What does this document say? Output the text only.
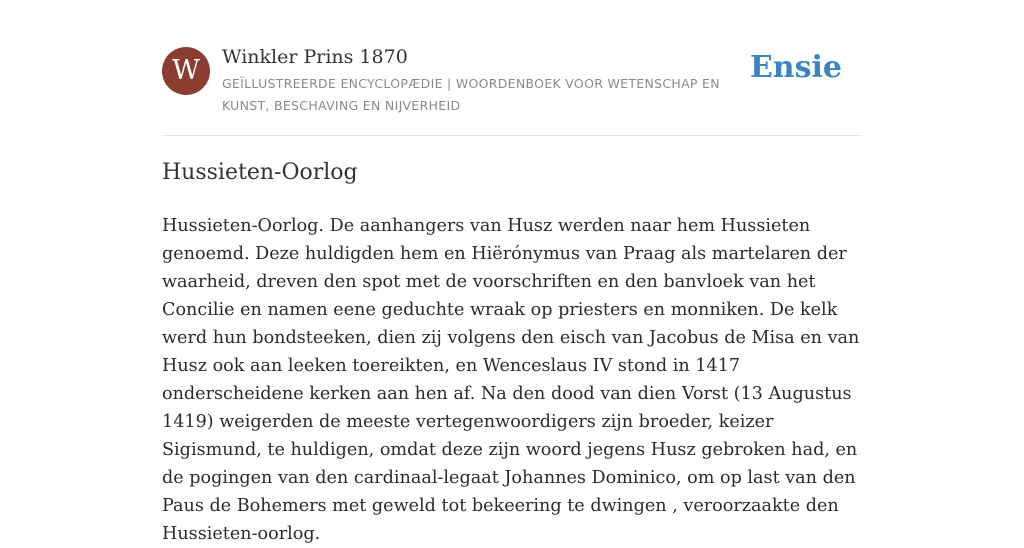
W	Winkler Prins 1870
GEÏLLUSTREERDE ENCYCLOPÆDIE | WOORDENBOEK VOOR WETENSCHAP EN KUNST, BESCHAVING EN NIJVERHEID
Ensie
Hussieten-Oorlog

Hussieten-Oorlog. De aanhangers van Husz werden naar hem Hussieten genoemd. Deze huldigden hem en Hiërónymus van Praag als martelaren der waarheid, dreven den spot met de voorschriften en den banvloek van het Concilie en namen eene geduchte wraak op priesters en monniken. De kelk werd hun bondsteeken, dien zij volgens den eisch van Jacobus de Misa en van Husz ook aan leeken toereikten, en Wenceslaus IV stond in 1417 onderscheidene kerken aan hen af. Na den dood van dien Vorst (13 Augustus 1419) weigerden de meeste vertegenwoordigers zijn broeder, keizer Sigismund, te huldigen, omdat deze zijn woord jegens Husz gebroken had, en de pogingen van den cardinaal-legaat Johannes Dominico, om op last van den Paus de Bohemers met geweld tot bekeering te dwingen , veroorzaakte den Hussieten-oorlog.
